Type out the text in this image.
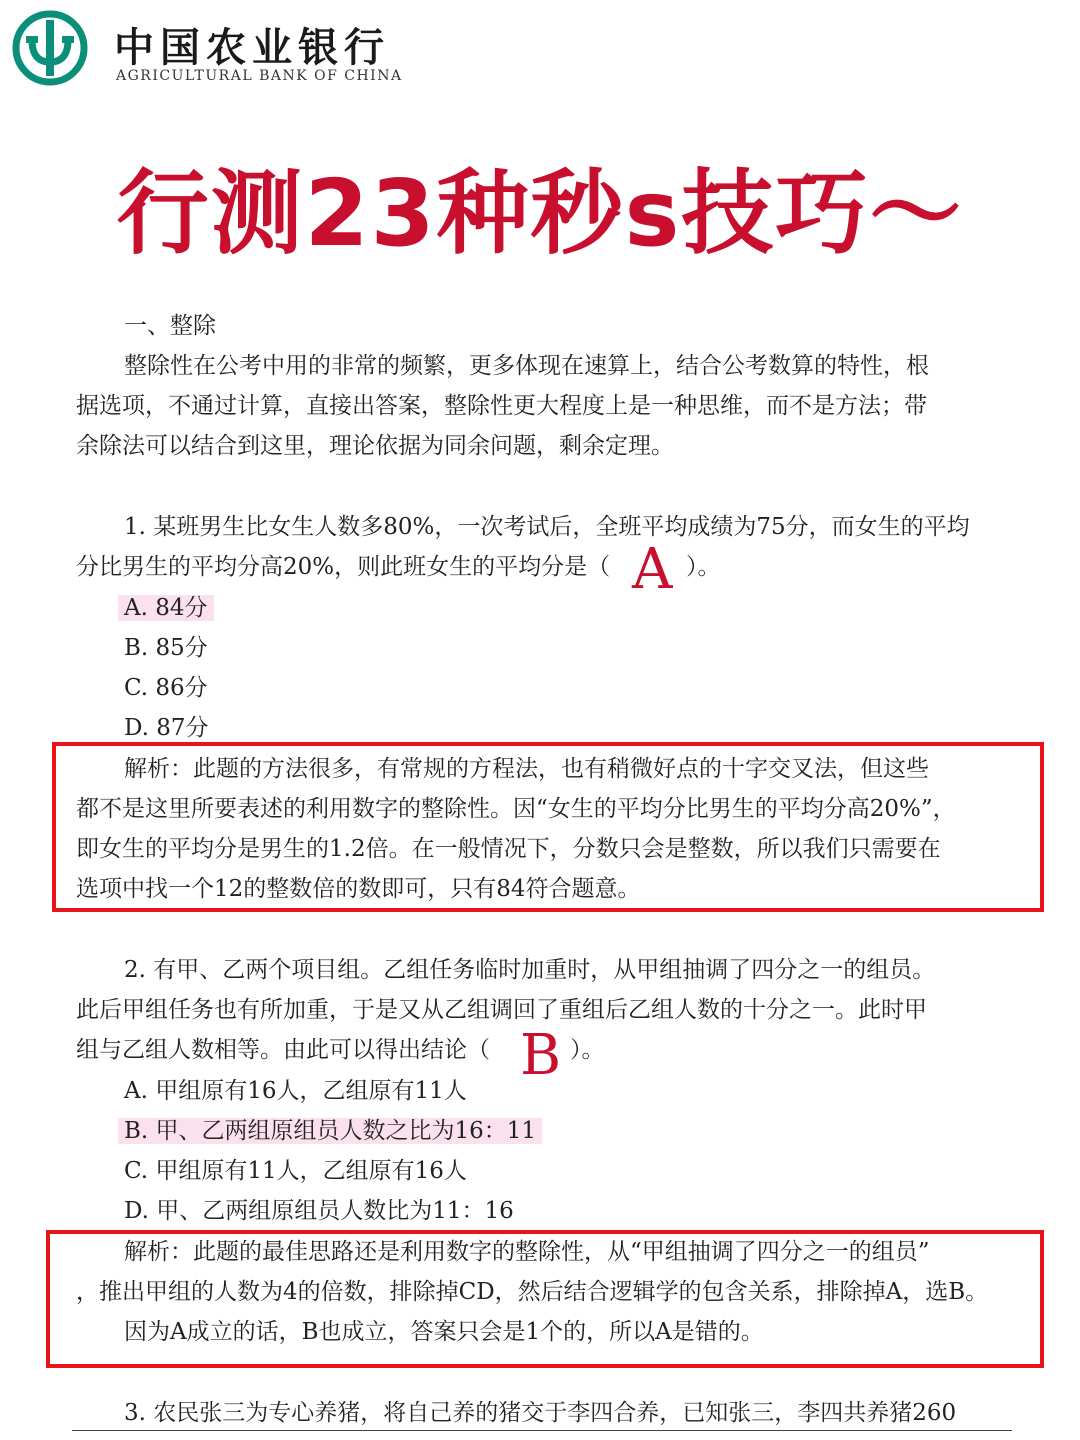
中国农业银行
AGRICULTURAL BANK OF CHINA
行测23种秒s技巧～
一、整除
整除性在公考中用的非常的频繁，更多体现在速算上，结合公考数算的特性，根
据选项，不通过计算，直接出答案，整除性更大程度上是一种思维，而不是方法；带
余除法可以结合到这里，理论依据为同余问题，剩余定理。
1. 某班男生比女生人数多80%，一次考试后，全班平均成绩为75分，而女生的平均
分比男生的平均分高20%，则此班女生的平均分是（ A ）。
A. 84分
B. 85分
C. 86分
D. 87分
解析：此题的方法很多，有常规的方程法，也有稍微好点的十字交叉法，但这些
都不是这里所要表述的利用数字的整除性。因“女生的平均分比男生的平均分高20%”，
即女生的平均分是男生的1.2倍。在一般情况下，分数只会是整数，所以我们只需要在
选项中找一个12的整数倍的数即可，只有84符合题意。
2. 有甲、乙两个项目组。乙组任务临时加重时，从甲组抽调了四分之一的组员。
此后甲组任务也有所加重，于是又从乙组调回了重组后乙组人数的十分之一。此时甲
组与乙组人数相等。由此可以得出结论（ B ）。
A. 甲组原有16人，乙组原有11人
B. 甲、乙两组原组员人数之比为16：11
C. 甲组原有11人，乙组原有16人
D. 甲、乙两组原组员人数比为11：16
解析：此题的最佳思路还是利用数字的整除性，从“甲组抽调了四分之一的组员”
，推出甲组的人数为4的倍数，排除掉CD，然后结合逻辑学的包含关系，排除掉A，选B。
因为A成立的话，B也成立，答案只会是1个的，所以A是错的。
3. 农民张三为专心养猪，将自己养的猪交于李四合养，已知张三，李四共养猪260
